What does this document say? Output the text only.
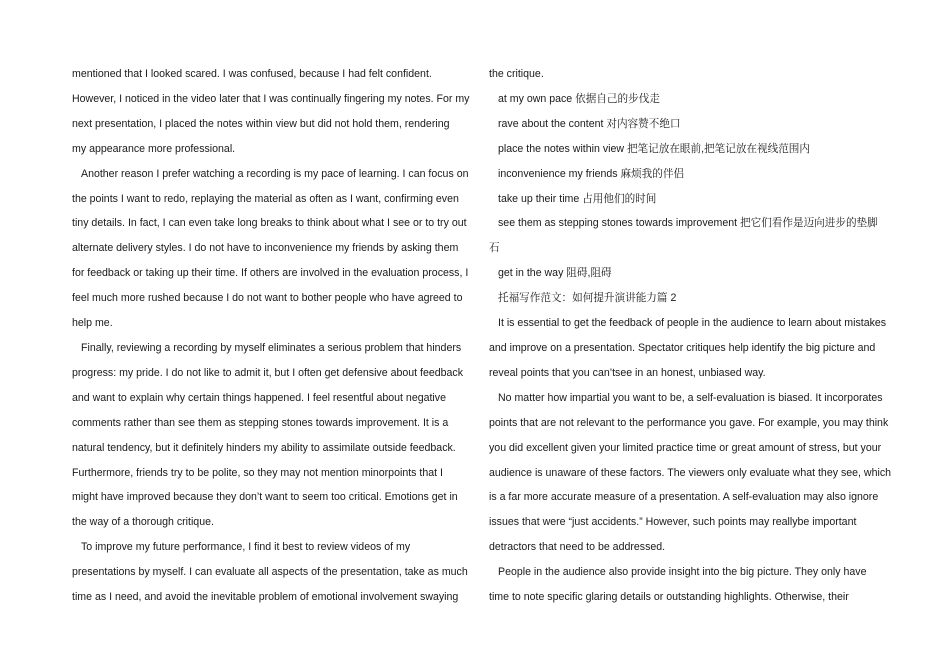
mentioned that I looked scared. I was confused, because I had felt confident.
However, I noticed in the video later that I was continually fingering my notes. For my
next presentation, I placed the notes within view but did not hold them, rendering
my appearance more professional.
Another reason I prefer watching a recording is my pace of learning. I can focus on
the points I want to redo, replaying the material as often as I want, confirming even
tiny details. In fact, I can even take long breaks to think about what I see or to try out
alternate delivery styles. I do not have to inconvenience my friends by asking them
for feedback or taking up their time. If others are involved in the evaluation process, I
feel much more rushed because I do not want to bother people who have agreed to
help me.
Finally, reviewing a recording by myself eliminates a serious problem that hinders
progress: my pride. I do not like to admit it, but I often get defensive about feedback
and want to explain why certain things happened. I feel resentful about negative
comments rather than see them as stepping stones towards improvement. It is a
natural tendency, but it definitely hinders my ability to assimilate outside feedback.
Furthermore, friends try to be polite, so they may not mention minorpoints that I
might have improved because they don’t want to seem too critical. Emotions get in
the way of a thorough critique.
To improve my future performance, I find it best to review videos of my
presentations by myself. I can evaluate all aspects of the presentation, take as much
time as I need, and avoid the inevitable problem of emotional involvement swaying
the critique.
at my own pace 依据自己的步伐走
rave about the content 对内容赞不绝口
place the notes within view 把笔记放在眼前,把笔记放在视线范围内
inconvenience my friends 麻烦我的伴侣
take up their time 占用他们的时间
see them as stepping stones towards improvement 把它们看作是迈向进步的垫脚
石
get in the way 阻碍,阻碍
托福写作范文：如何提升演讲能力篇 2
It is essential to get the feedback of people in the audience to learn about mistakes
and improve on a presentation. Spectator critiques help identify the big picture and
reveal points that you can’tsee in an honest, unbiased way.
No matter how impartial you want to be, a self-evaluation is biased. It incorporates
points that are not relevant to the performance you gave. For example, you may think
you did excellent given your limited practice time or great amount of stress, but your
audience is unaware of these factors. The viewers only evaluate what they see, which
is a far more accurate measure of a presentation. A self-evaluation may also ignore
issues that were “just accidents.” However, such points may reallybe important
detractors that need to be addressed.
People in the audience also provide insight into the big picture. They only have
time to note specific glaring details or outstanding highlights. Otherwise, their
